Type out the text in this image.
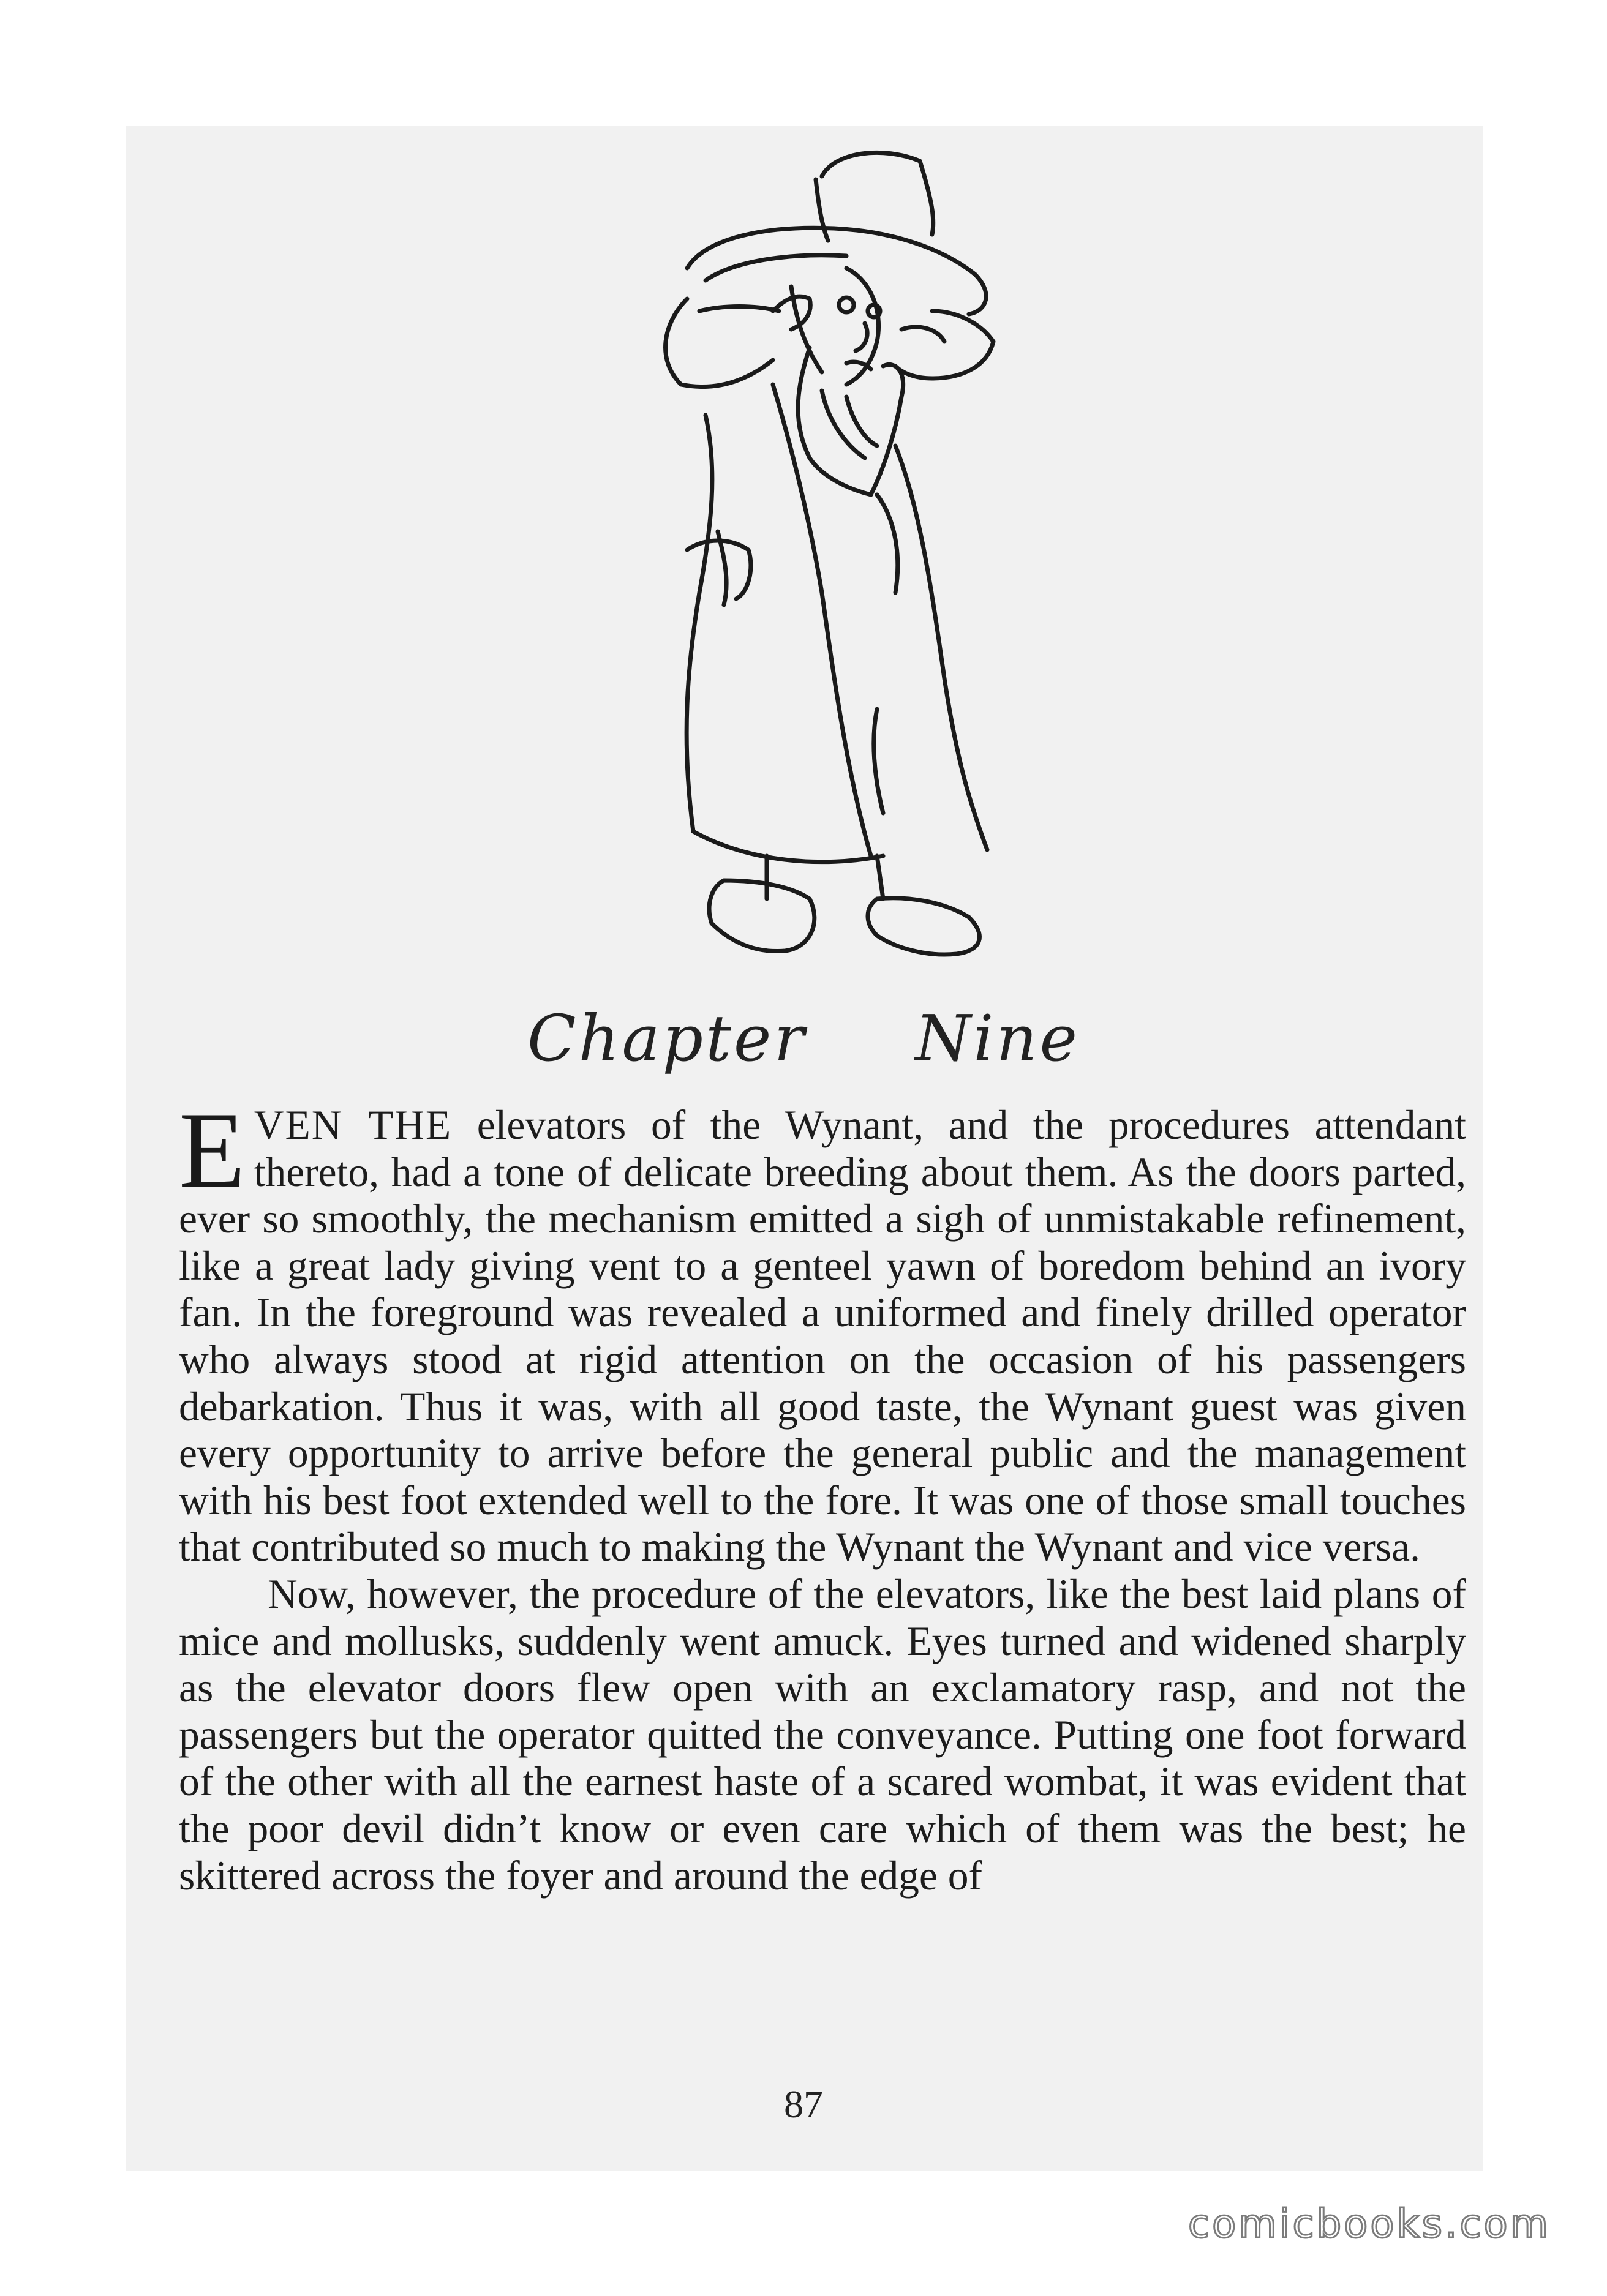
Chapter Nine

EVEN THE elevators of the Wynant, and the procedures attendant thereto, had a tone of delicate breeding about them. As the doors parted, ever so smoothly, the mechanism emitted a sigh of unmistakable refinement, like a great lady giving vent to a genteel yawn of boredom behind an ivory fan. In the foreground was revealed a uniformed and finely drilled operator who always stood at rigid attention on the occasion of his passengers debarkation. Thus it was, with all good taste, the Wynant guest was given every opportunity to arrive before the general public and the management with his best foot extended well to the fore. It was one of those small touches that contributed so much to making the Wynant the Wynant and vice versa.

Now, however, the procedure of the elevators, like the best laid plans of mice and mollusks, suddenly went amuck. Eyes turned and widened sharply as the elevator doors flew open with an exclamatory rasp, and not the passengers but the operator quitted the conveyance. Putting one foot forward of the other with all the earnest haste of a scared wombat, it was evident that the poor devil didn’t know or even care which of them was the best; he skittered across the foyer and around the edge of

87
comicbooks.com
